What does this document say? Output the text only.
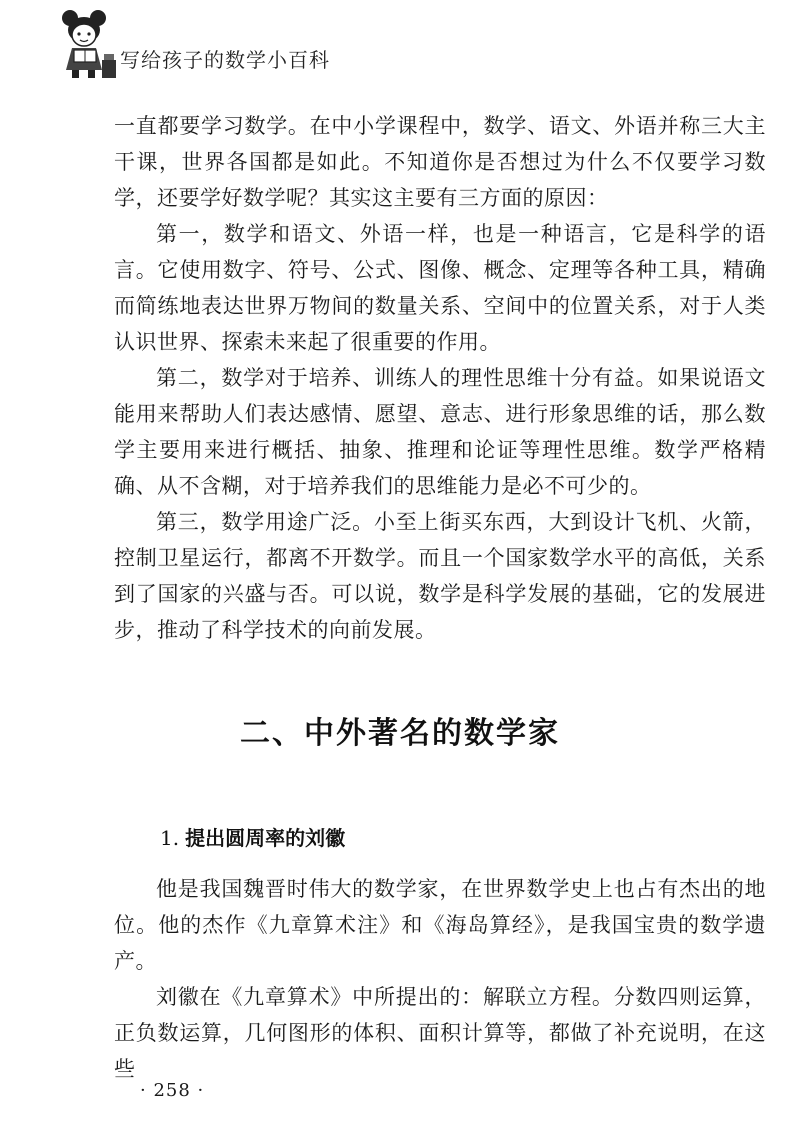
写给孩子的数学小百科

一直都要学习数学。在中小学课程中，数学、语文、外语并称三大主干课，世界各国都是如此。不知道你是否想过为什么不仅要学习数学，还要学好数学呢？其实这主要有三方面的原因：

第一，数学和语文、外语一样，也是一种语言，它是科学的语言。它使用数字、符号、公式、图像、概念、定理等各种工具，精确而简练地表达世界万物间的数量关系、空间中的位置关系，对于人类认识世界、探索未来起了很重要的作用。

第二，数学对于培养、训练人的理性思维十分有益。如果说语文能用来帮助人们表达感情、愿望、意志、进行形象思维的话，那么数学主要用来进行概括、抽象、推理和论证等理性思维。数学严格精确、从不含糊，对于培养我们的思维能力是必不可少的。

第三，数学用途广泛。小至上街买东西，大到设计飞机、火箭，控制卫星运行，都离不开数学。而且一个国家数学水平的高低，关系到了国家的兴盛与否。可以说，数学是科学发展的基础，它的发展进步，推动了科学技术的向前发展。

二、中外著名的数学家
1. 提出圆周率的刘徽

他是我国魏晋时伟大的数学家，在世界数学史上也占有杰出的地位。他的杰作《九章算术注》和《海岛算经》，是我国宝贵的数学遗产。

刘徽在《九章算术》中所提出的：解联立方程。分数四则运算，正负数运算，几何图形的体积、面积计算等，都做了补充说明，在这些

· 258 ·
